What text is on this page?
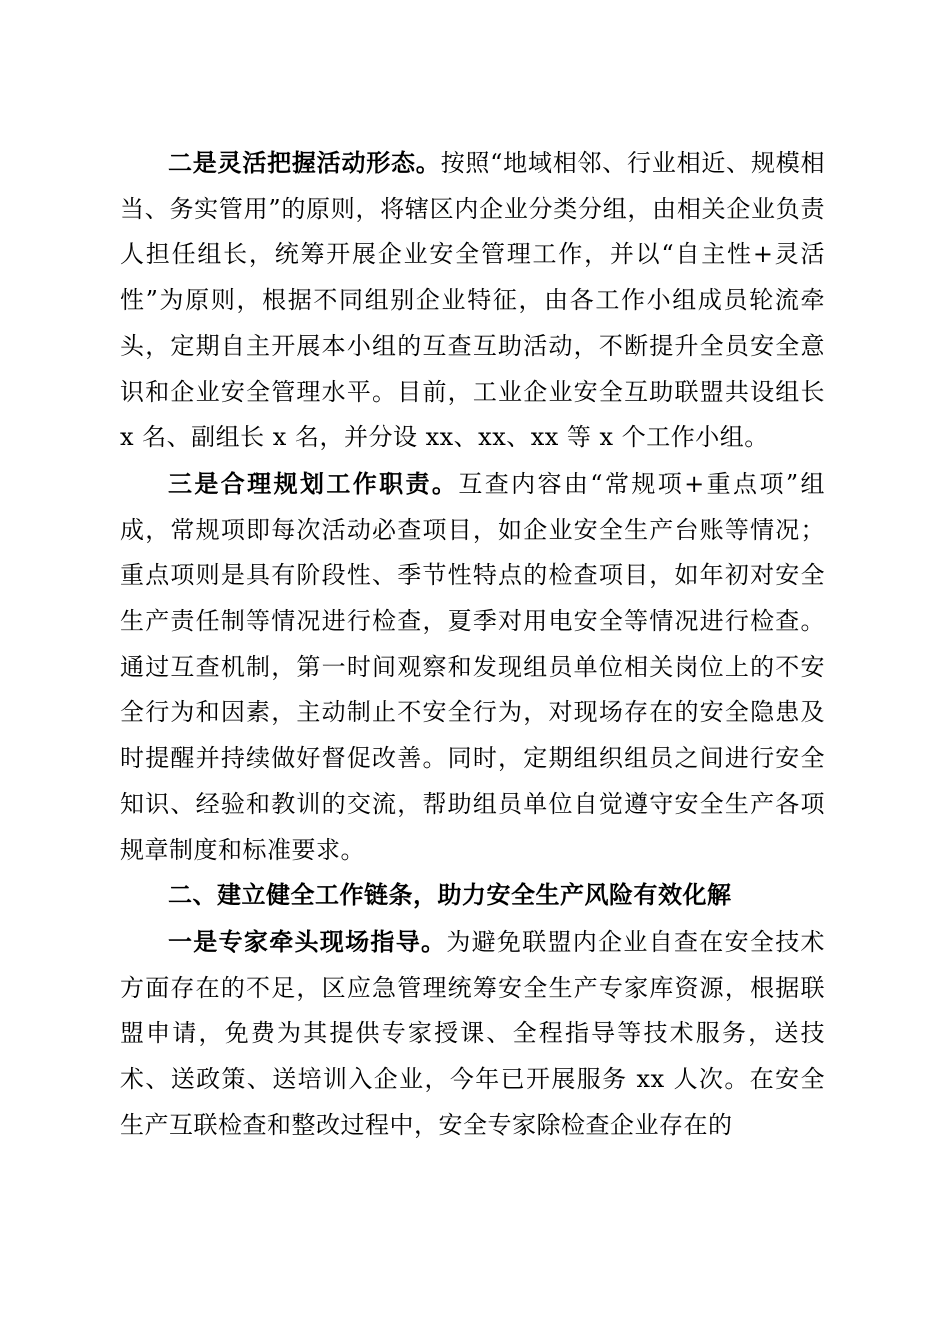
二是灵活把握活动形态。按照“地域相邻、行业相近、规模相当、务实管用”的原则，将辖区内企业分类分组，由相关企业负责人担任组长，统筹开展企业安全管理工作，并以“自主性+灵活性”为原则，根据不同组别企业特征，由各工作小组成员轮流牵头，定期自主开展本小组的互查互助活动，不断提升全员安全意识和企业安全管理水平。目前，工业企业安全互助联盟共设组长 x 名、副组长 x 名，并分设 xx、xx、xx 等 x 个工作小组。

三是合理规划工作职责。互查内容由“常规项+重点项”组成，常规项即每次活动必查项目，如企业安全生产台账等情况；重点项则是具有阶段性、季节性特点的检查项目，如年初对安全生产责任制等情况进行检查，夏季对用电安全等情况进行检查。通过互查机制，第一时间观察和发现组员单位相关岗位上的不安全行为和因素，主动制止不安全行为，对现场存在的安全隐患及时提醒并持续做好督促改善。同时，定期组织组员之间进行安全知识、经验和教训的交流，帮助组员单位自觉遵守安全生产各项规章制度和标准要求。

二、建立健全工作链条，助力安全生产风险有效化解

一是专家牵头现场指导。为避免联盟内企业自查在安全技术方面存在的不足，区应急管理统筹安全生产专家库资源，根据联盟申请，免费为其提供专家授课、全程指导等技术服务，送技术、送政策、送培训入企业，今年已开展服务 xx 人次。在安全生产互联检查和整改过程中，安全专家除检查企业存在的
